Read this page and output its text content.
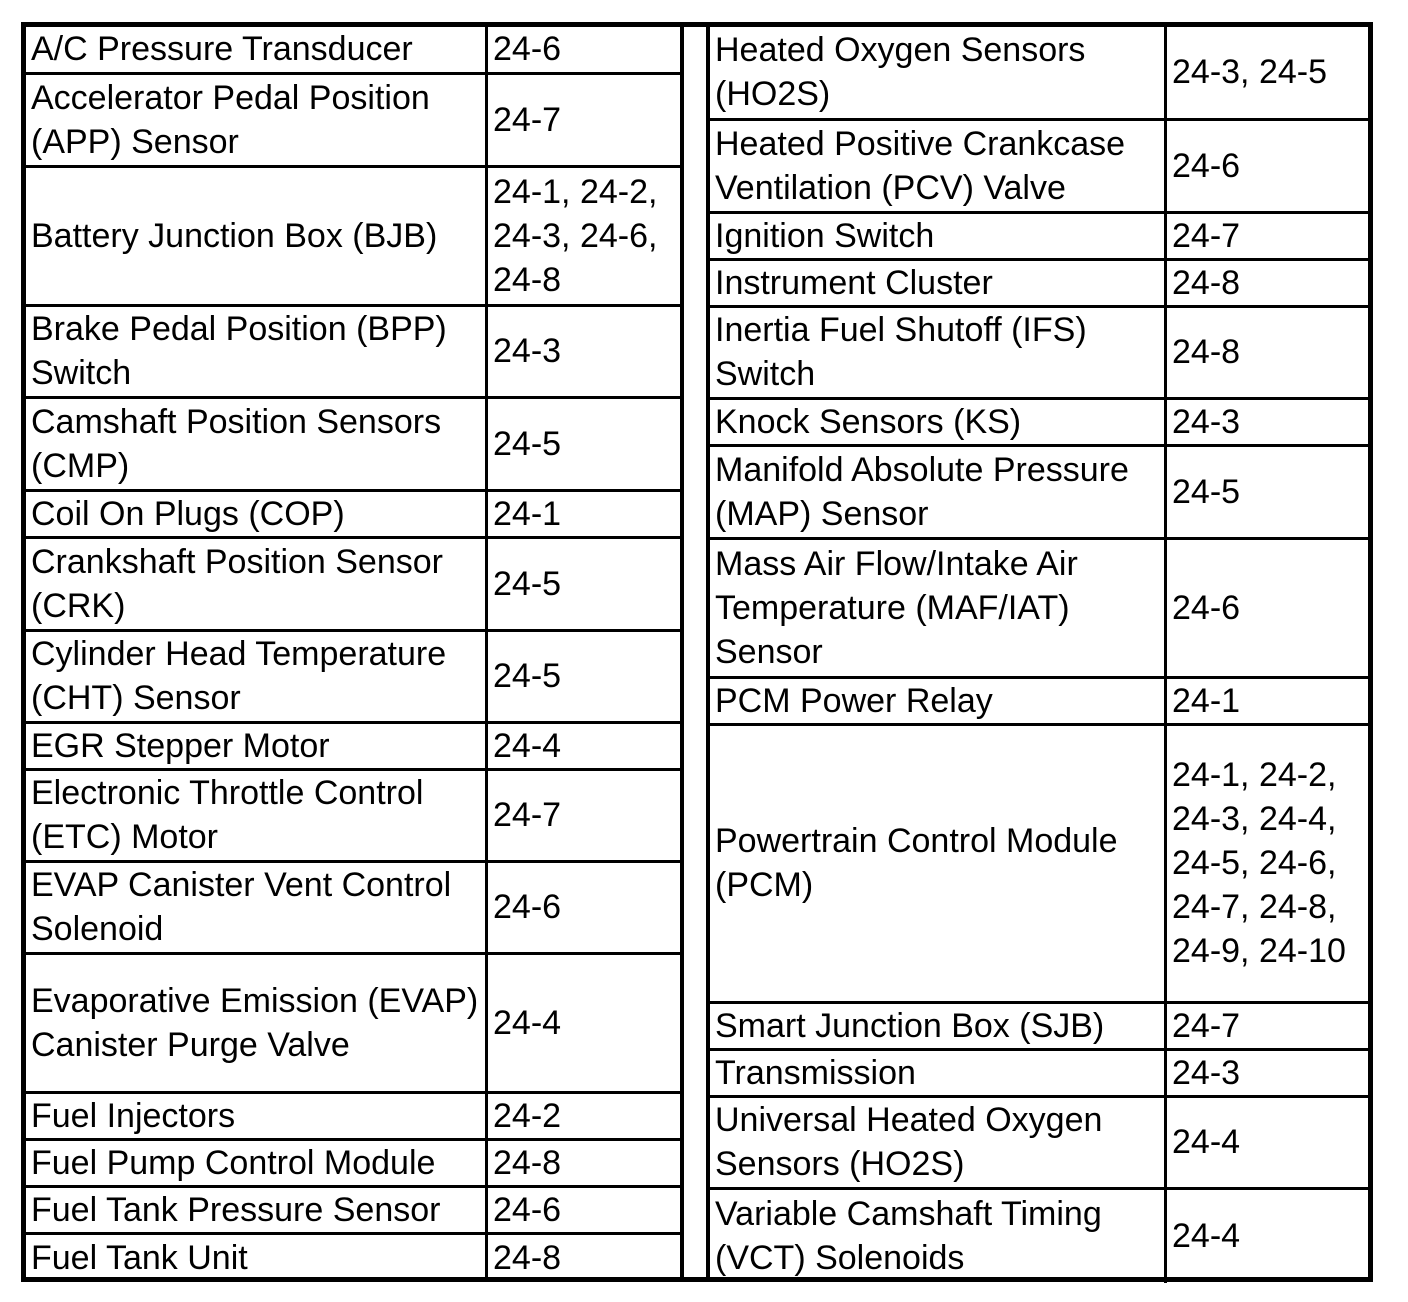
A/C Pressure Transducer	24-6
Accelerator Pedal Position (APP) Sensor	24-7
Battery Junction Box (BJB)	24-1, 24-2, 24-3, 24-6, 24-8
Brake Pedal Position (BPP) Switch	24-3
Camshaft Position Sensors (CMP)	24-5
Coil On Plugs (COP)	24-1
Crankshaft Position Sensor (CRK)	24-5
Cylinder Head Temperature (CHT) Sensor	24-5
EGR Stepper Motor	24-4
Electronic Throttle Control (ETC) Motor	24-7
EVAP Canister Vent Control Solenoid	24-6
Evaporative Emission (EVAP) Canister Purge Valve	24-4
Fuel Injectors	24-2
Fuel Pump Control Module	24-8
Fuel Tank Pressure Sensor	24-6
Fuel Tank Unit	24-8
Heated Oxygen Sensors (HO2S)	24-3, 24-5
Heated Positive Crankcase Ventilation (PCV) Valve	24-6
Ignition Switch	24-7
Instrument Cluster	24-8
Inertia Fuel Shutoff (IFS) Switch	24-8
Knock Sensors (KS)	24-3
Manifold Absolute Pressure (MAP) Sensor	24-5
Mass Air Flow/Intake Air Temperature (MAF/IAT) Sensor	24-6
PCM Power Relay	24-1
Powertrain Control Module (PCM)	24-1, 24-2, 24-3, 24-4, 24-5, 24-6, 24-7, 24-8, 24-9, 24-10
Smart Junction Box (SJB)	24-7
Transmission	24-3
Universal Heated Oxygen Sensors (HO2S)	24-4
Variable Camshaft Timing (VCT) Solenoids	24-4
